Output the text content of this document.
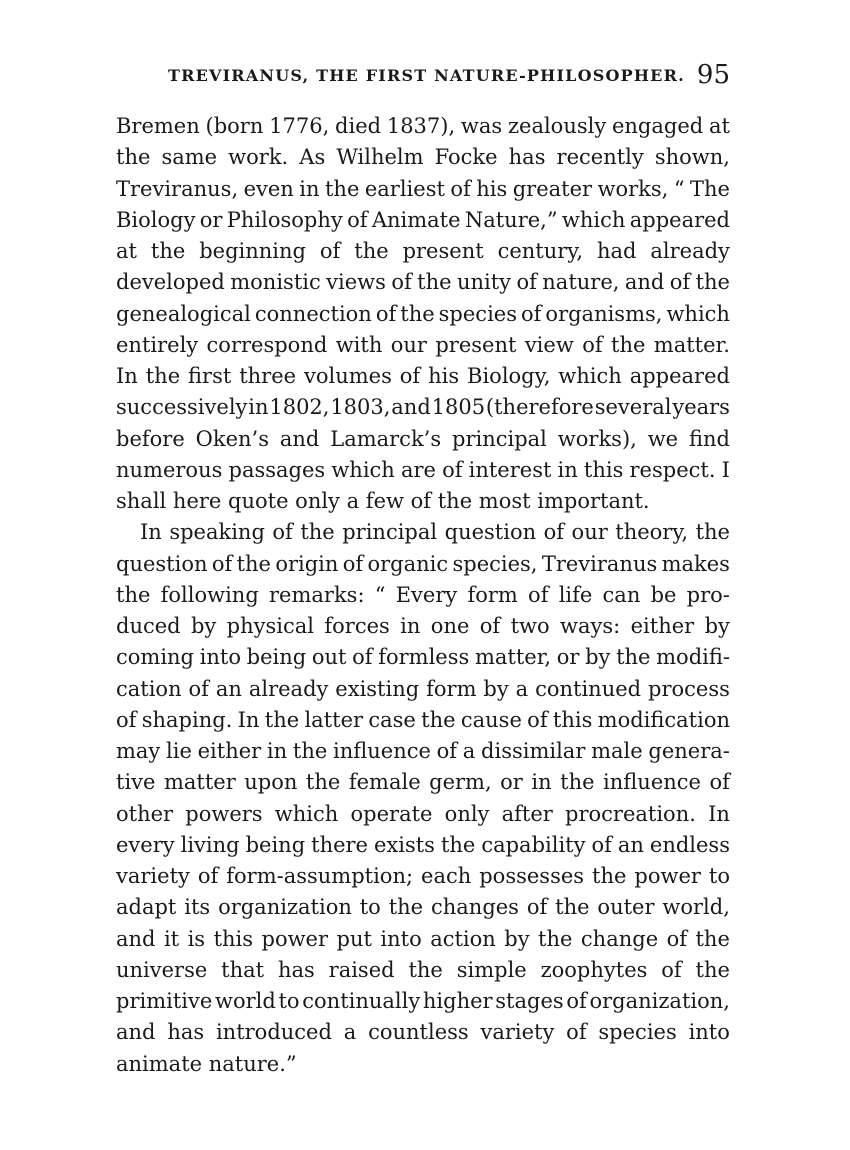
TREVIRANUS, THE FIRST NATURE-PHILOSOPHER. 95
Bremen (born 1776, died 1837), was zealously engaged at
the same work. As Wilhelm Focke has recently shown,
Treviranus, even in the earliest of his greater works, “ The
Biology or Philosophy of Animate Nature,” which appeared
at the beginning of the present century, had already
developed monistic views of the unity of nature, and of the
genealogical connection of the species of organisms, which
entirely correspond with our present view of the matter.
In the first three volumes of his Biology, which appeared
successively in 1802, 1803, and 1805 (therefore several years
before Oken’s and Lamarck’s principal works), we find
numerous passages which are of interest in this respect. I
shall here quote only a few of the most important.
In speaking of the principal question of our theory, the
question of the origin of organic species, Treviranus makes
the following remarks: “ Every form of life can be pro-
duced by physical forces in one of two ways: either by
coming into being out of formless matter, or by the modifi-
cation of an already existing form by a continued process
of shaping. In the latter case the cause of this modification
may lie either in the influence of a dissimilar male genera-
tive matter upon the female germ, or in the influence of
other powers which operate only after procreation. In
every living being there exists the capability of an endless
variety of form-assumption; each possesses the power to
adapt its organization to the changes of the outer world,
and it is this power put into action by the change of the
universe that has raised the simple zoophytes of the
primitive world to continually higher stages of organization,
and has introduced a countless variety of species into
animate nature.”
